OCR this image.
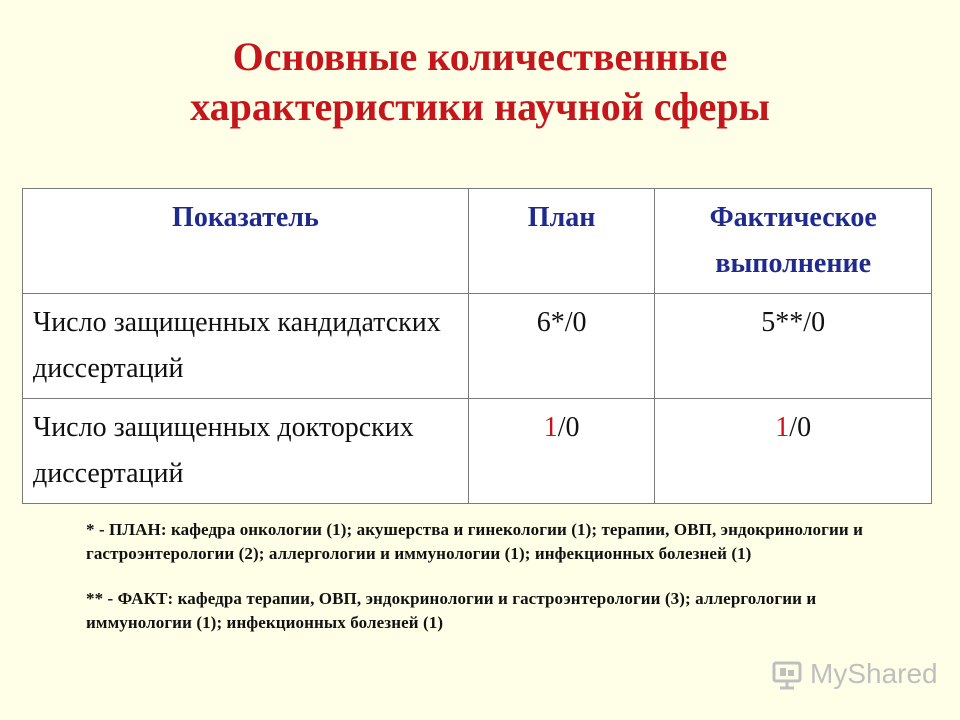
Основные количественные
характеристики научной сферы
Показатель	План	Фактическое выполнение
Число защищенных кандидатских диссертаций	6*/0	5**/0
Число защищенных докторских диссертаций	1/0	1/0

* - ПЛАН: кафедра онкологии (1); акушерства и гинекологии (1); терапии, ОВП, эндокринологии и гастроэнтерологии (2); аллергологии и иммунологии (1); инфекционных болезней (1)

** - ФАКТ: кафедра терапии, ОВП, эндокринологии и гастроэнтерологии (3); аллергологии и иммунологии (1); инфекционных болезней (1)

MyShared
